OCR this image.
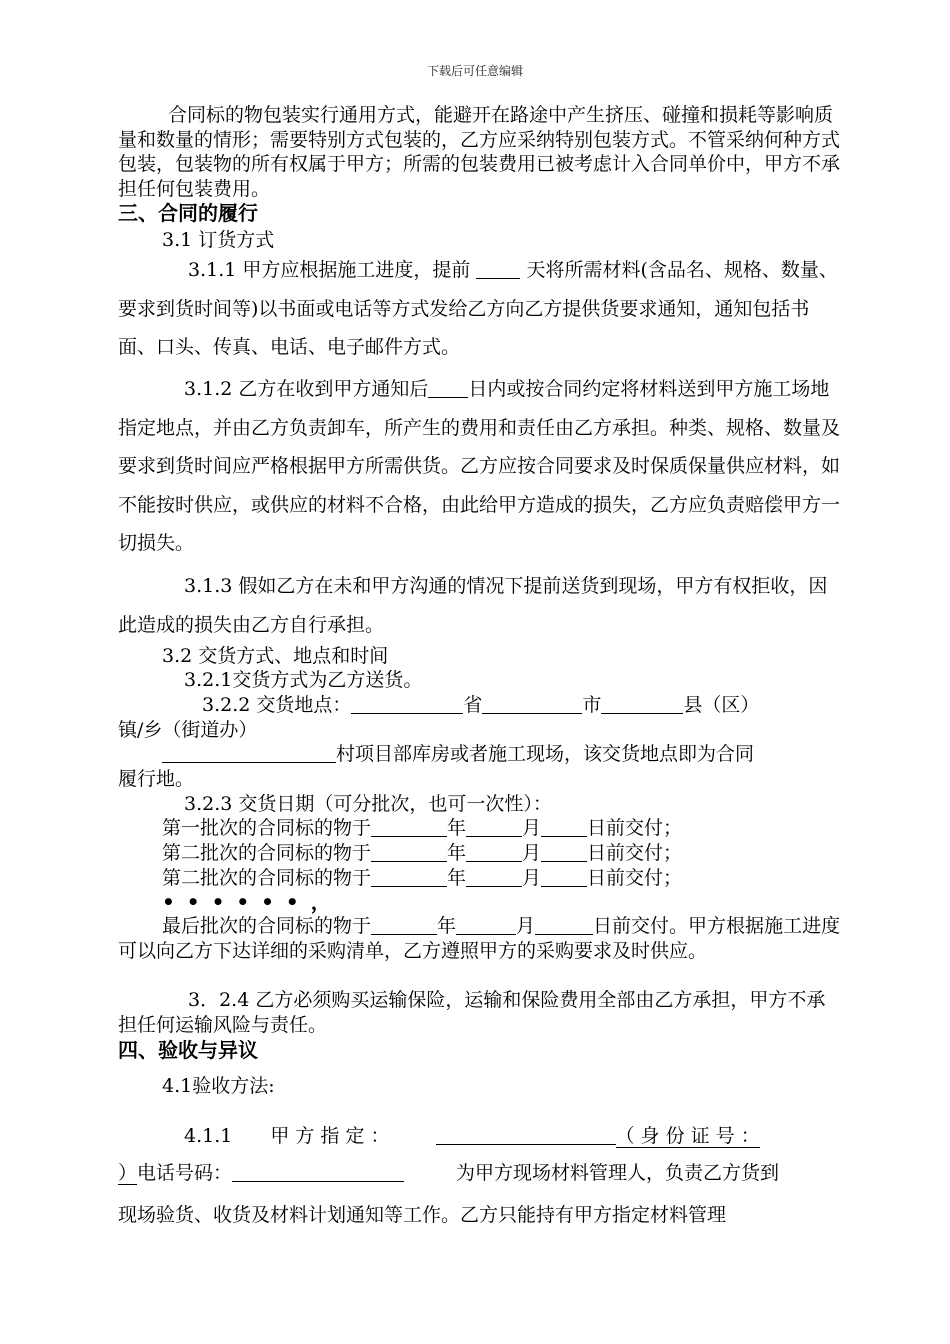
下载后可任意编辑

合同标的物包装实行通用方式，能避开在路途中产生挤压、碰撞和损耗等影响质量和数量的情形；需要特别方式包装的，乙方应采纳特别包装方式。不管采纳何种方式包装，包装物的所有权属于甲方；所需的包装费用已被考虑计入合同单价中，甲方不承担任何包装费用。

三、合同的履行
3.1 订货方式

3.1.1 甲方应根据施工进度，提前	天将所需材料(含品名、规格、数量、要求到货时间等)以书面或电话等方式发给乙方向乙方提供货要求通知，通知包括书面、口头、传真、电话、电子邮件方式。

3.1.2 乙方在收到甲方通知后 日内或按合同约定将材料送到甲方施工场地指定地点，并由乙方负责卸车，所产生的费用和责任由乙方承担。种类、规格、数量及要求到货时间应严格根据甲方所需供货。乙方应按合同要求及时保质保量供应材料，如不能按时供应，或供应的材料不合格，由此给甲方造成的损失，乙方应负责赔偿甲方一切损失。

3.1.3 假如乙方在未和甲方沟通的情况下提前送货到现场，甲方有权拒收，因此造成的损失由乙方自行承担。

3.2 交货方式、地点和时间
3.2.1交货方式为乙方送货。
3.2.2 交货地点：	省	市	县（区）
镇/乡（街道办）
村项目部库房或者施工现场，该交货地点即为合同
履行地。
3.2.3 交货日期（可分批次，也可一次性）：
第一批次的合同标的物于	年	月 日前交付；
第二批次的合同标的物于	年	月 日前交付；
第二批次的合同标的物于	年	月 日前交付；
••••••，

最后批次的合同标的物于	年	月	日前交付。甲方根据施工进度可以向乙方下达详细的采购清单，乙方遵照甲方的采购要求及时供应。

3．2.4 乙方必须购买运输保险，运输和保险费用全部由乙方承担，甲方不承担任何运输风险与责任。

四、验收与异议
4.1验收方法:
4.1.1　　甲 方 指 定 ：	（ 身 份 证 号 ：
）电话号码：	为甲方现场材料管理人，负责乙方货到

现场验货、收货及材料计划通知等工作。乙方只能持有甲方指定材料管理
